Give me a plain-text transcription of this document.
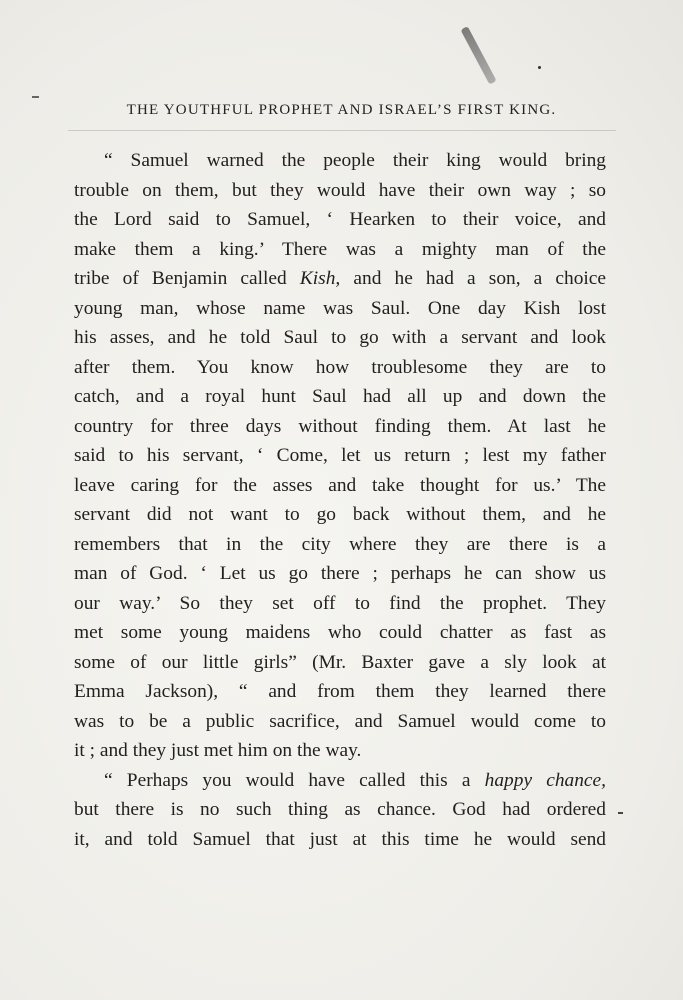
THE YOUTHFUL PROPHET AND ISRAEL’S FIRST KING.
“ Samuel warned the people their king would bring
trouble on them, but they would have their own way ; so
the Lord said to Samuel, ‘ Hearken to their voice, and
make them a king.’ There was a mighty man of the
tribe of Benjamin called Kish, and he had a son, a choice
young man, whose name was Saul. One day Kish lost
his asses, and he told Saul to go with a servant and look
after them. You know how troublesome they are to
catch, and a royal hunt Saul had all up and down the
country for three days without finding them. At last he
said to his servant, ‘ Come, let us return ; lest my father
leave caring for the asses and take thought for us.’ The
servant did not want to go back without them, and he
remembers that in the city where they are there is a
man of God. ‘ Let us go there ; perhaps he can show us
our way.’ So they set off to find the prophet. They
met some young maidens who could chatter as fast as
some of our little girls” (Mr. Baxter gave a sly look at
Emma Jackson), “ and from them they learned there
was to be a public sacrifice, and Samuel would come to
it ; and they just met him on the way.
“ Perhaps you would have called this a happy chance,
but there is no such thing as chance. God had ordered
it, and told Samuel that just at this time he would send
